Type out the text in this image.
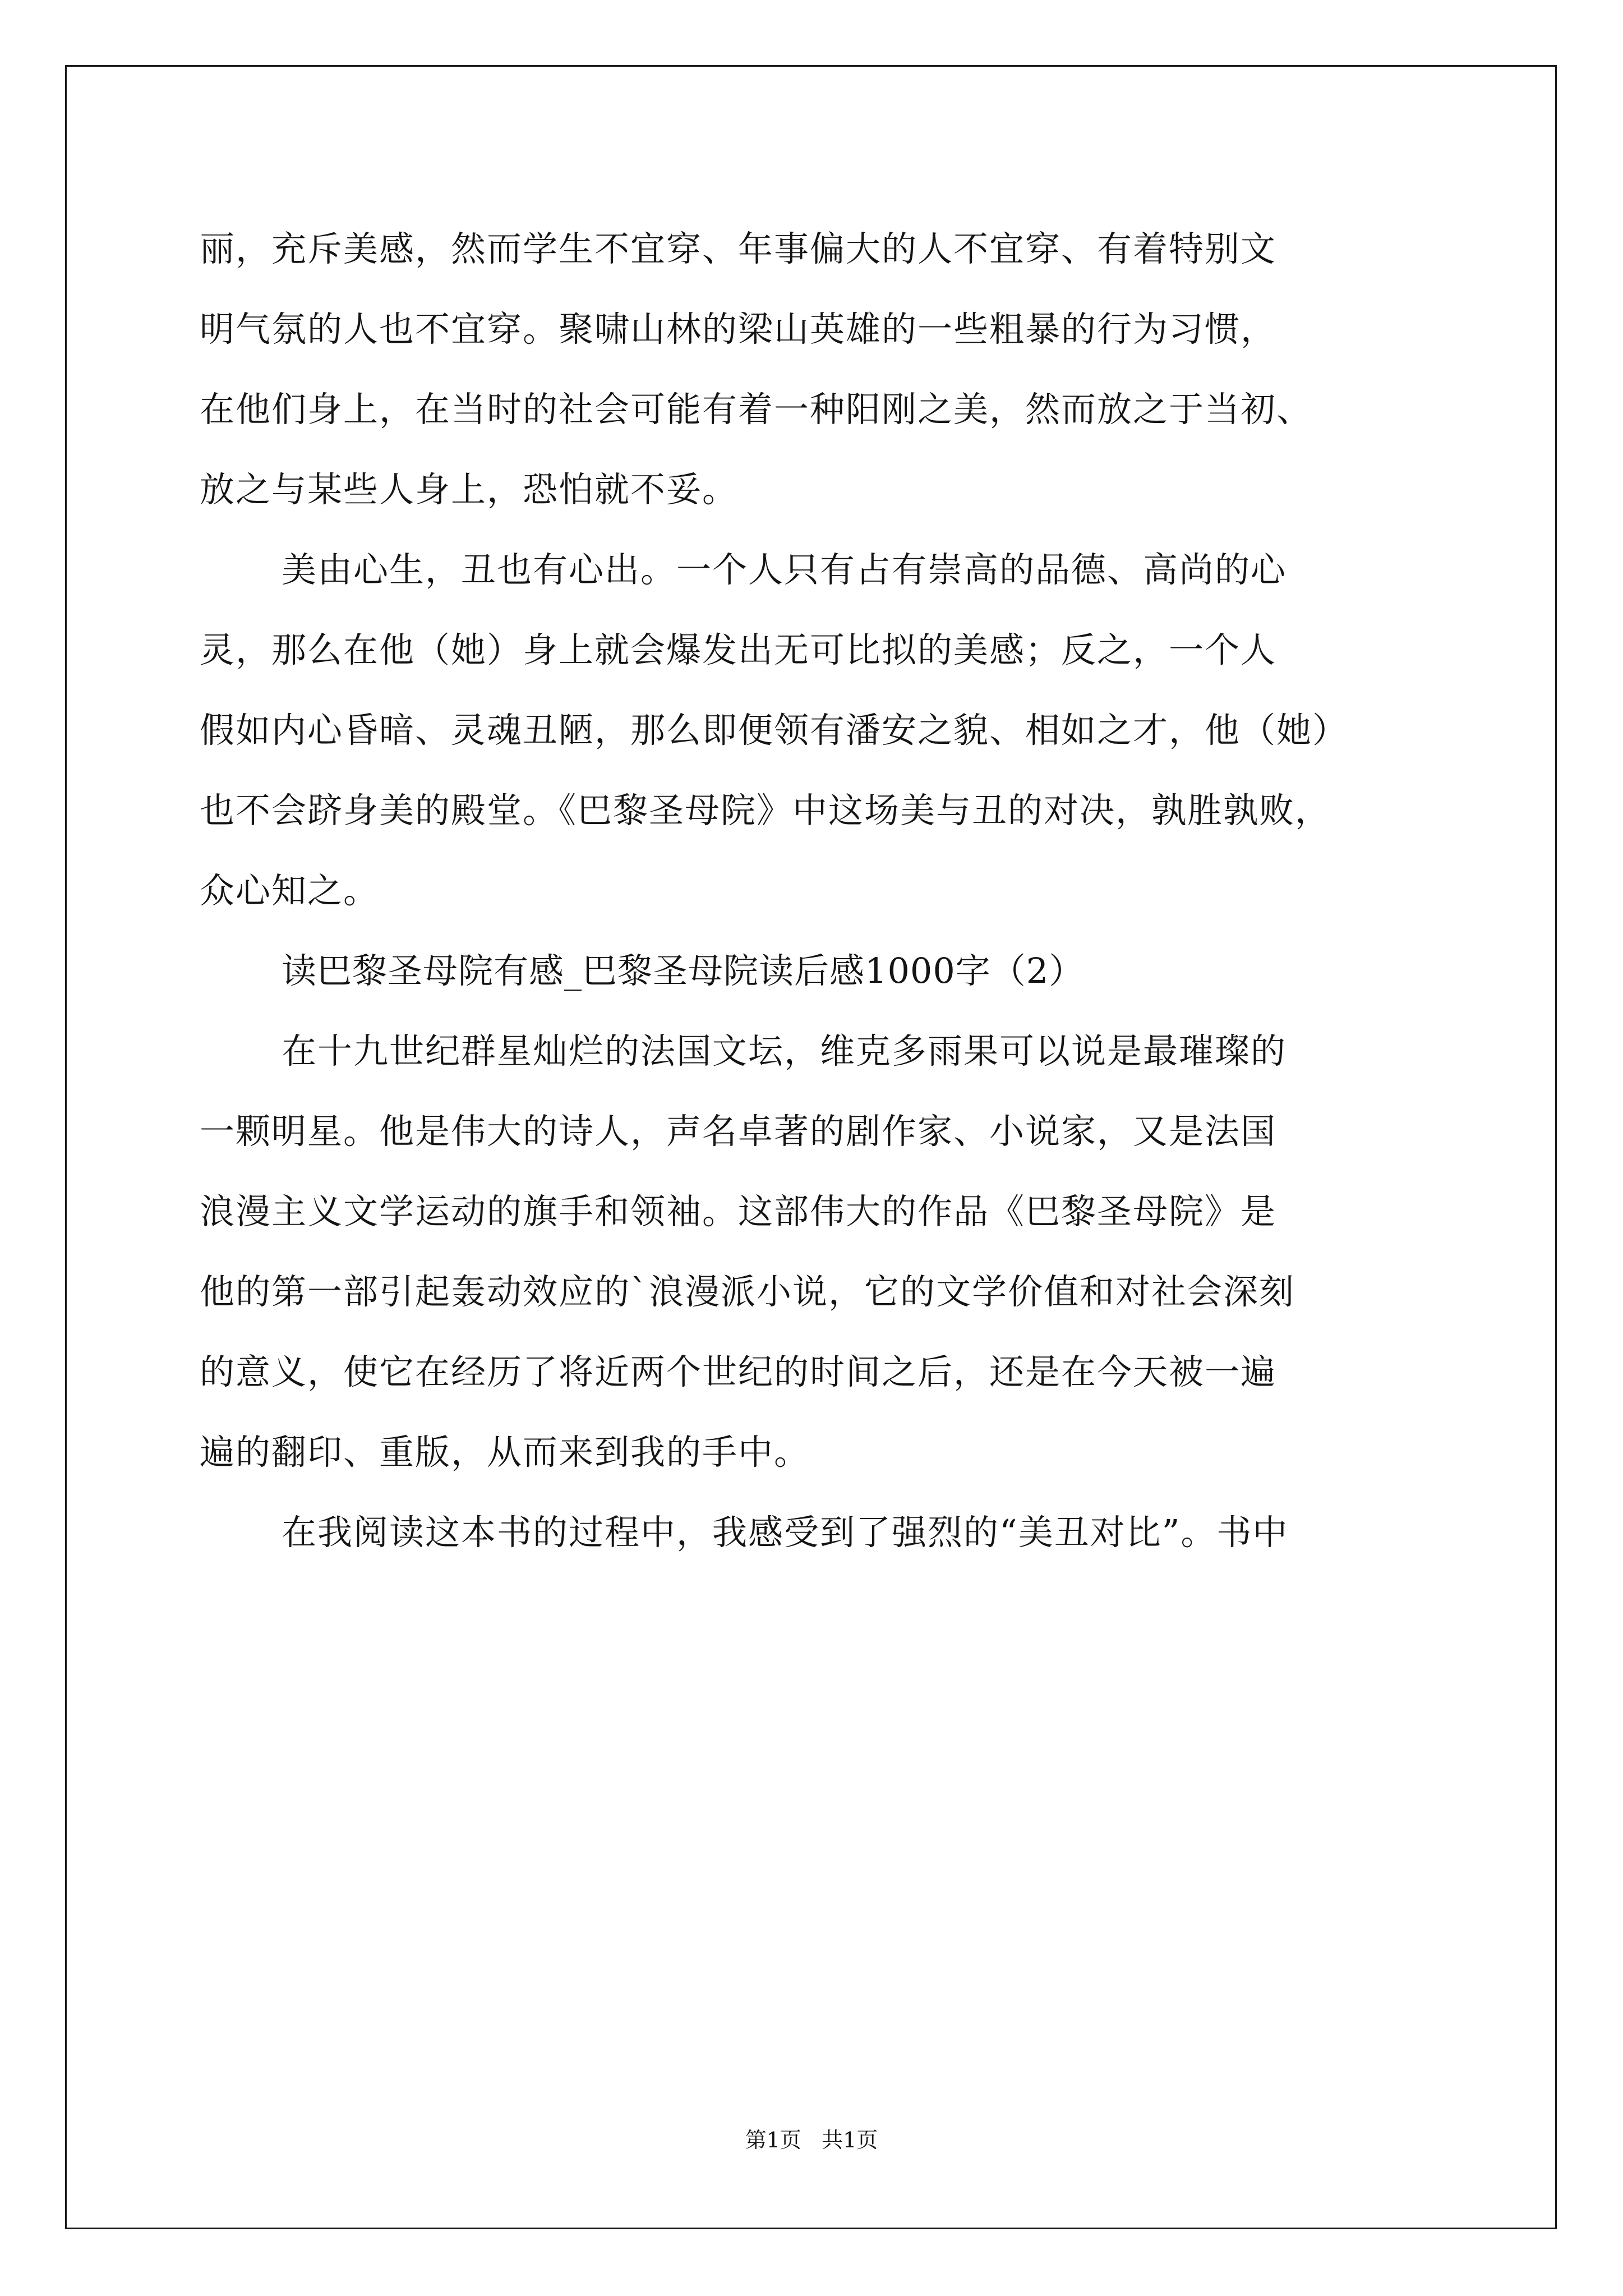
丽，充斥美感，然而学生不宜穿、年事偏大的人不宜穿、有着特别文
明气氛的人也不宜穿。聚啸山林的梁山英雄的一些粗暴的行为习惯，
在他们身上，在当时的社会可能有着一种阳刚之美，然而放之于当初、
放之与某些人身上，恐怕就不妥。
美由心生，丑也有心出。一个人只有占有崇高的品德、高尚的心
灵，那么在他（她）身上就会爆发出无可比拟的美感；反之，一个人
假如内心昏暗、灵魂丑陋，那么即便领有潘安之貌、相如之才，他（她）
也不会跻身美的殿堂。《巴黎圣母院》中这场美与丑的对决，孰胜孰败，
众心知之。
读巴黎圣母院有感_巴黎圣母院读后感1000字（2）
在十九世纪群星灿烂的法国文坛，维克多雨果可以说是最璀璨的
一颗明星。他是伟大的诗人，声名卓著的剧作家、小说家，又是法国
浪漫主义文学运动的旗手和领袖。这部伟大的作品《巴黎圣母院》是
他的第一部引起轰动效应的`浪漫派小说，它的文学价值和对社会深刻
的意义，使它在经历了将近两个世纪的时间之后，还是在今天被一遍
遍的翻印、重版，从而来到我的手中。
在我阅读这本书的过程中，我感受到了强烈的“美丑对比”。书中
第1页   共1页
